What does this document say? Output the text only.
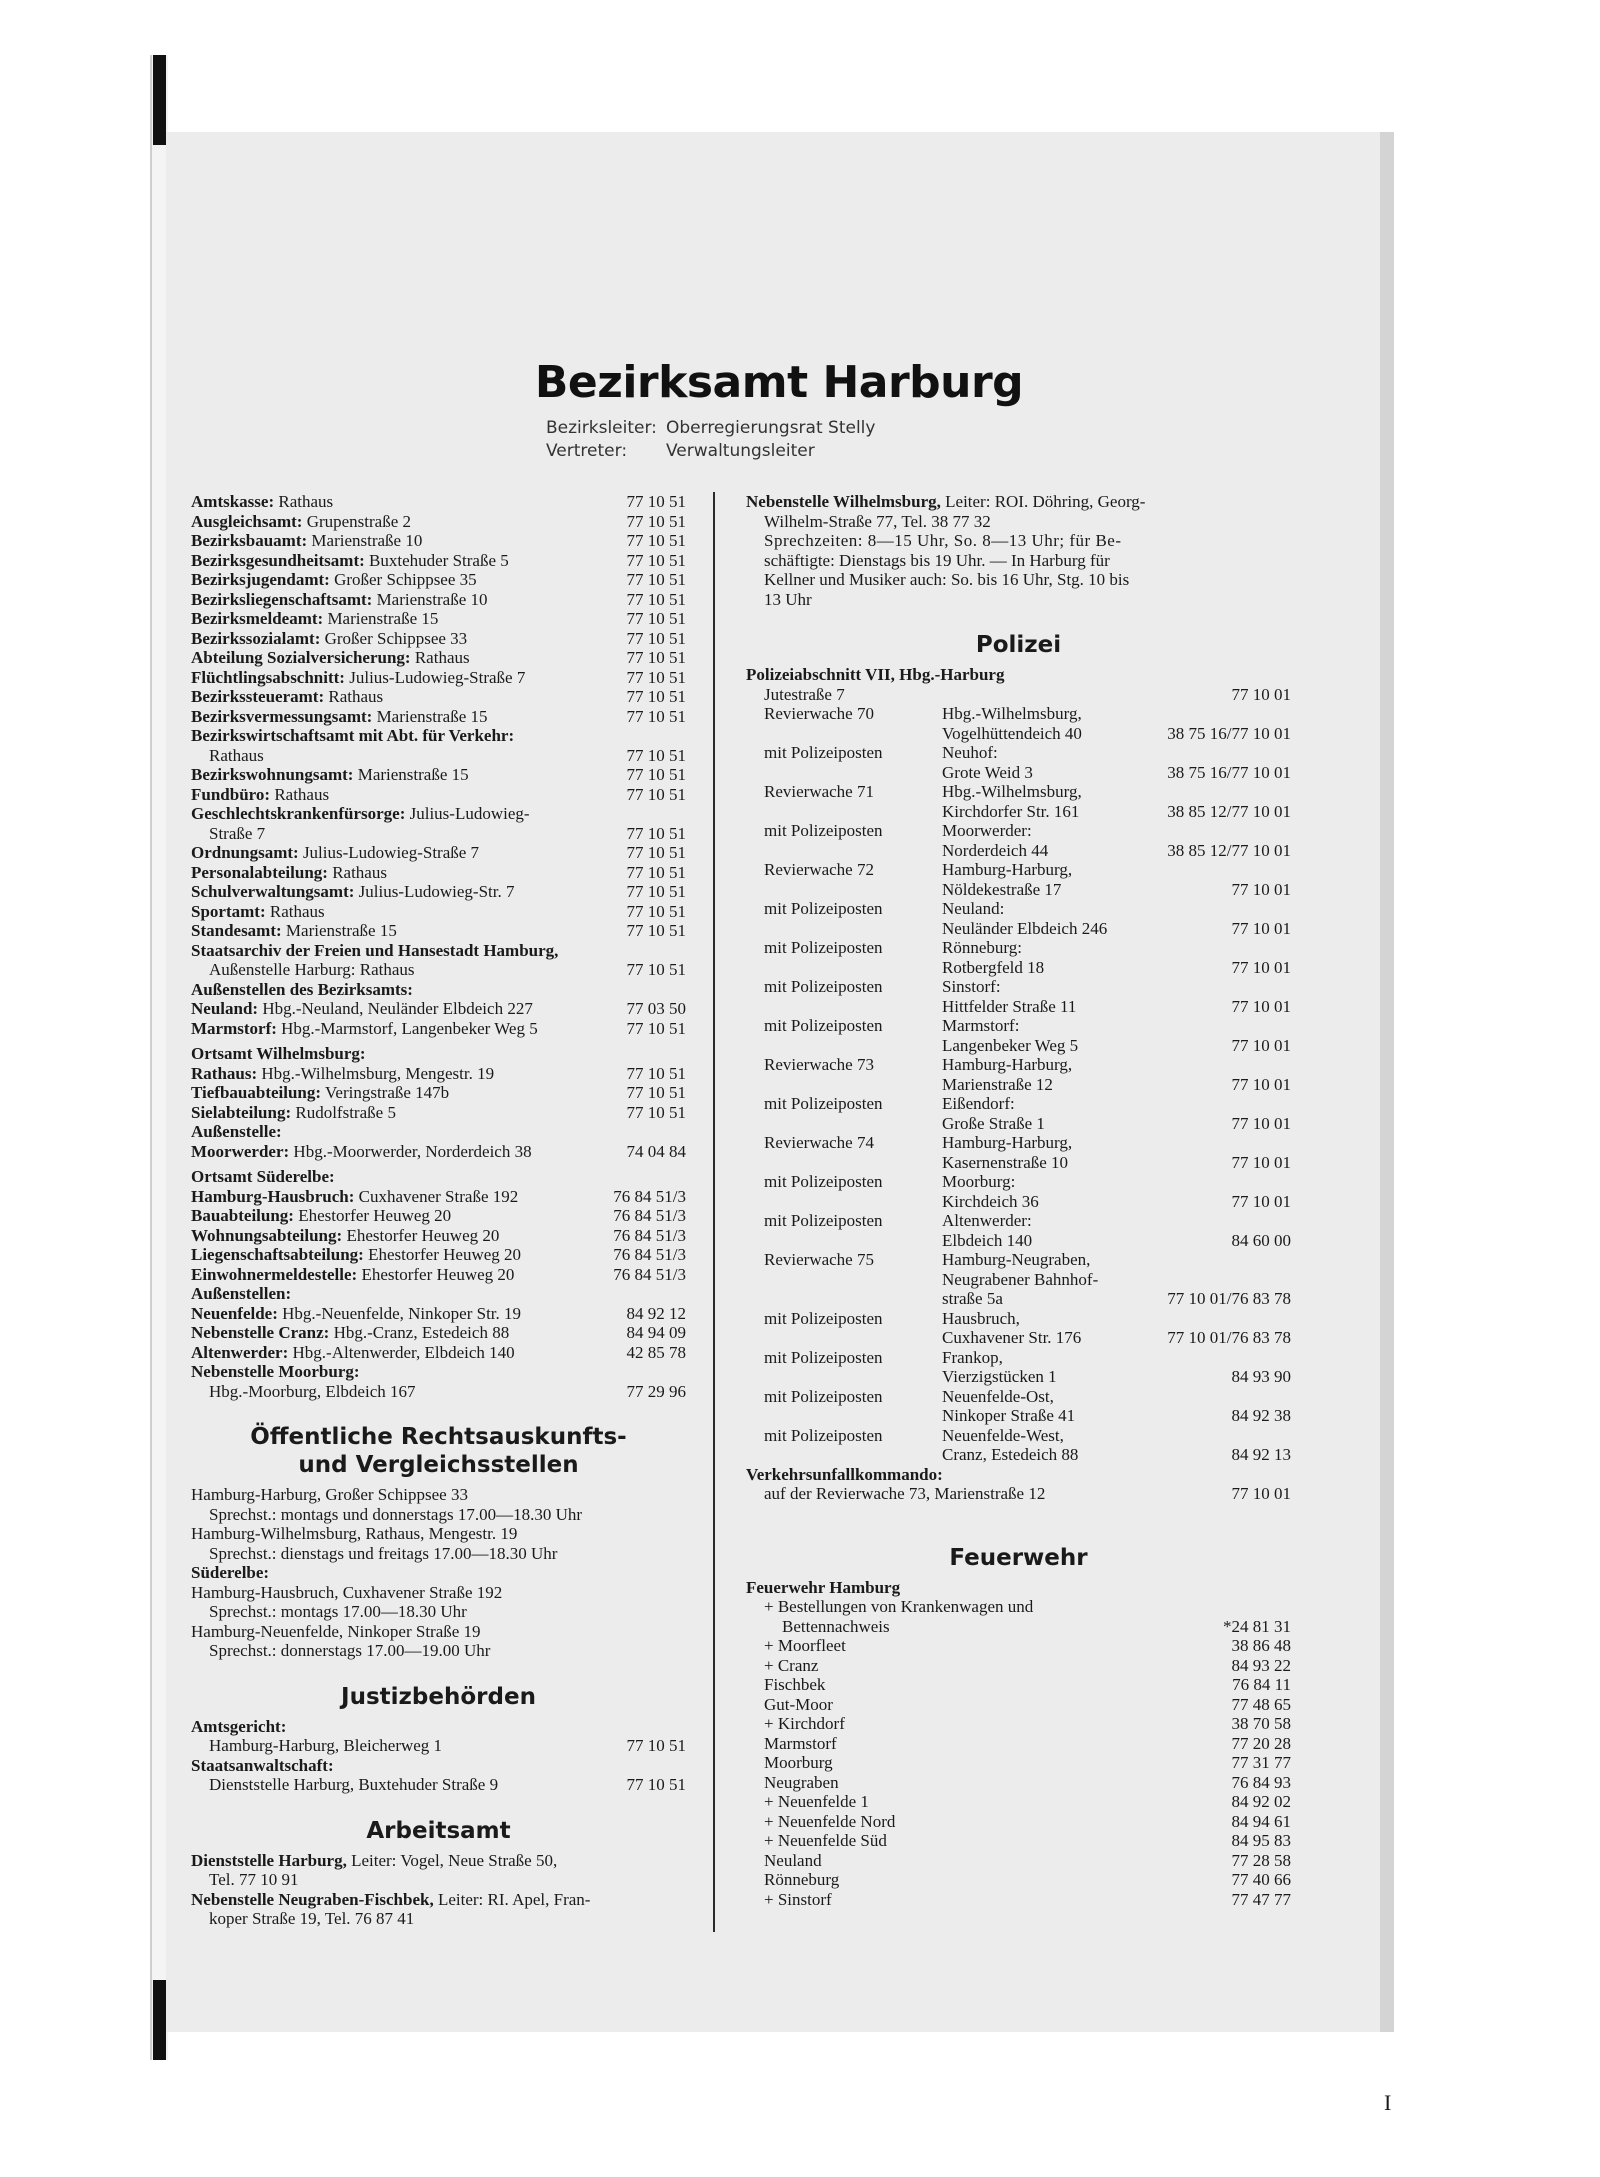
Bezirksamt Harburg
Bezirksleiter: Oberregierungsrat Stelly
Vertreter: Verwaltungsleiter
Amtskasse: Rathaus	77 10 51
Ausgleichsamt: Grupenstraße 2	77 10 51
Bezirksbauamt: Marienstraße 10	77 10 51
Bezirksgesundheitsamt: Buxtehuder Straße 5	77 10 51
Bezirksjugendamt: Großer Schippsee 35	77 10 51
Bezirksliegenschaftsamt: Marienstraße 10	77 10 51
Bezirksmeldeamt: Marienstraße 15	77 10 51
Bezirkssozialamt: Großer Schippsee 33	77 10 51
Abteilung Sozialversicherung: Rathaus	77 10 51
Flüchtlingsabschnitt: Julius-Ludowieg-Straße 7	77 10 51
Bezirkssteueramt: Rathaus	77 10 51
Bezirksvermessungsamt: Marienstraße 15	77 10 51
Bezirkswirtschaftsamt mit Abt. für Verkehr:
Rathaus	77 10 51
Bezirkswohnungsamt: Marienstraße 15	77 10 51
Fundbüro: Rathaus	77 10 51
Geschlechtskrankenfürsorge: Julius-Ludowieg-
Straße 7	77 10 51
Ordnungsamt: Julius-Ludowieg-Straße 7	77 10 51
Personalabteilung: Rathaus	77 10 51
Schulverwaltungsamt: Julius-Ludowieg-Str. 7	77 10 51
Sportamt: Rathaus	77 10 51
Standesamt: Marienstraße 15	77 10 51
Staatsarchiv der Freien und Hansestadt Hamburg,
Außenstelle Harburg: Rathaus	77 10 51
Außenstellen des Bezirksamts:
Neuland: Hbg.-Neuland, Neuländer Elbdeich 227	77 03 50
Marmstorf: Hbg.-Marmstorf, Langenbeker Weg 5	77 10 51
Ortsamt Wilhelmsburg:
Rathaus: Hbg.-Wilhelmsburg, Mengestr. 19	77 10 51
Tiefbauabteilung: Veringstraße 147b	77 10 51
Sielabteilung: Rudolfstraße 5	77 10 51
Außenstelle:
Moorwerder: Hbg.-Moorwerder, Norderdeich 38	74 04 84
Ortsamt Süderelbe:
Hamburg-Hausbruch: Cuxhavener Straße 192	76 84 51/3
Bauabteilung: Ehestorfer Heuweg 20	76 84 51/3
Wohnungsabteilung: Ehestorfer Heuweg 20	76 84 51/3
Liegenschaftsabteilung: Ehestorfer Heuweg 20	76 84 51/3
Einwohnermeldestelle: Ehestorfer Heuweg 20	76 84 51/3
Außenstellen:
Neuenfelde: Hbg.-Neuenfelde, Ninkoper Str. 19	84 92 12
Nebenstelle Cranz: Hbg.-Cranz, Estedeich 88	84 94 09
Altenwerder: Hbg.-Altenwerder, Elbdeich 140	42 85 78
Nebenstelle Moorburg:
Hbg.-Moorburg, Elbdeich 167	77 29 96
Öffentliche Rechtsauskunfts-
und Vergleichsstellen
Hamburg-Harburg, Großer Schippsee 33
Sprechst.: montags und donnerstags 17.00—18.30 Uhr
Hamburg-Wilhelmsburg, Rathaus, Mengestr. 19
Sprechst.: dienstags und freitags 17.00—18.30 Uhr
Süderelbe:
Hamburg-Hausbruch, Cuxhavener Straße 192
Sprechst.: montags 17.00—18.30 Uhr
Hamburg-Neuenfelde, Ninkoper Straße 19
Sprechst.: donnerstags 17.00—19.00 Uhr
Justizbehörden
Amtsgericht:
Hamburg-Harburg, Bleicherweg 1	77 10 51
Staatsanwaltschaft:
Dienststelle Harburg, Buxtehuder Straße 9	77 10 51
Arbeitsamt
Dienststelle Harburg, Leiter: Vogel, Neue Straße 50,
Tel. 77 10 91
Nebenstelle Neugraben-Fischbek, Leiter: RI. Apel, Fran-
koper Straße 19, Tel. 76 87 41
Nebenstelle Wilhelmsburg, Leiter: ROI. Döhring, Georg-
Wilhelm-Straße 77, Tel. 38 77 32
Sprechzeiten: 8—15 Uhr, So. 8—13 Uhr; für Be-
schäftigte: Dienstags bis 19 Uhr. — In Harburg für
Kellner und Musiker auch: So. bis 16 Uhr, Stg. 10 bis
13 Uhr
Polizei
Polizeiabschnitt VII, Hbg.-Harburg
Jutestraße 7	77 10 01
Revierwache 70	Hbg.-Wilhelmsburg,
Vogelhüttendeich 40	38 75 16/77 10 01
mit Polizeiposten	Neuhof:
Grote Weid 3	38 75 16/77 10 01
Revierwache 71	Hbg.-Wilhelmsburg,
Kirchdorfer Str. 161	38 85 12/77 10 01
mit Polizeiposten	Moorwerder:
Norderdeich 44	38 85 12/77 10 01
Revierwache 72	Hamburg-Harburg,
Nöldekestraße 17	77 10 01
mit Polizeiposten	Neuland:
Neuländer Elbdeich 246	77 10 01
mit Polizeiposten	Rönneburg:
Rotbergfeld 18	77 10 01
mit Polizeiposten	Sinstorf:
Hittfelder Straße 11	77 10 01
mit Polizeiposten	Marmstorf:
Langenbeker Weg 5	77 10 01
Revierwache 73	Hamburg-Harburg,
Marienstraße 12	77 10 01
mit Polizeiposten	Eißendorf:
Große Straße 1	77 10 01
Revierwache 74	Hamburg-Harburg,
Kasernenstraße 10	77 10 01
mit Polizeiposten	Moorburg:
Kirchdeich 36	77 10 01
mit Polizeiposten	Altenwerder:
Elbdeich 140	84 60 00
Revierwache 75	Hamburg-Neugraben,
Neugrabener Bahnhof-
straße 5a	77 10 01/76 83 78
mit Polizeiposten	Hausbruch,
Cuxhavener Str. 176	77 10 01/76 83 78
mit Polizeiposten	Frankop,
Vierzigstücken 1	84 93 90
mit Polizeiposten	Neuenfelde-Ost,
Ninkoper Straße 41	84 92 38
mit Polizeiposten	Neuenfelde-West,
Cranz, Estedeich 88	84 92 13
Verkehrsunfallkommando:
auf der Revierwache 73, Marienstraße 12	77 10 01
Feuerwehr
Feuerwehr Hamburg
+ Bestellungen von Krankenwagen und
Bettennachweis	*24 81 31
+ Moorfleet	38 86 48
+ Cranz	84 93 22
Fischbek	76 84 11
Gut-Moor	77 48 65
+ Kirchdorf	38 70 58
Marmstorf	77 20 28
Moorburg	77 31 77
Neugraben	76 84 93
+ Neuenfelde 1	84 92 02
+ Neuenfelde Nord	84 94 61
+ Neuenfelde Süd	84 95 83
Neuland	77 28 58
Rönneburg	77 40 66
+ Sinstorf	77 47 77
I
